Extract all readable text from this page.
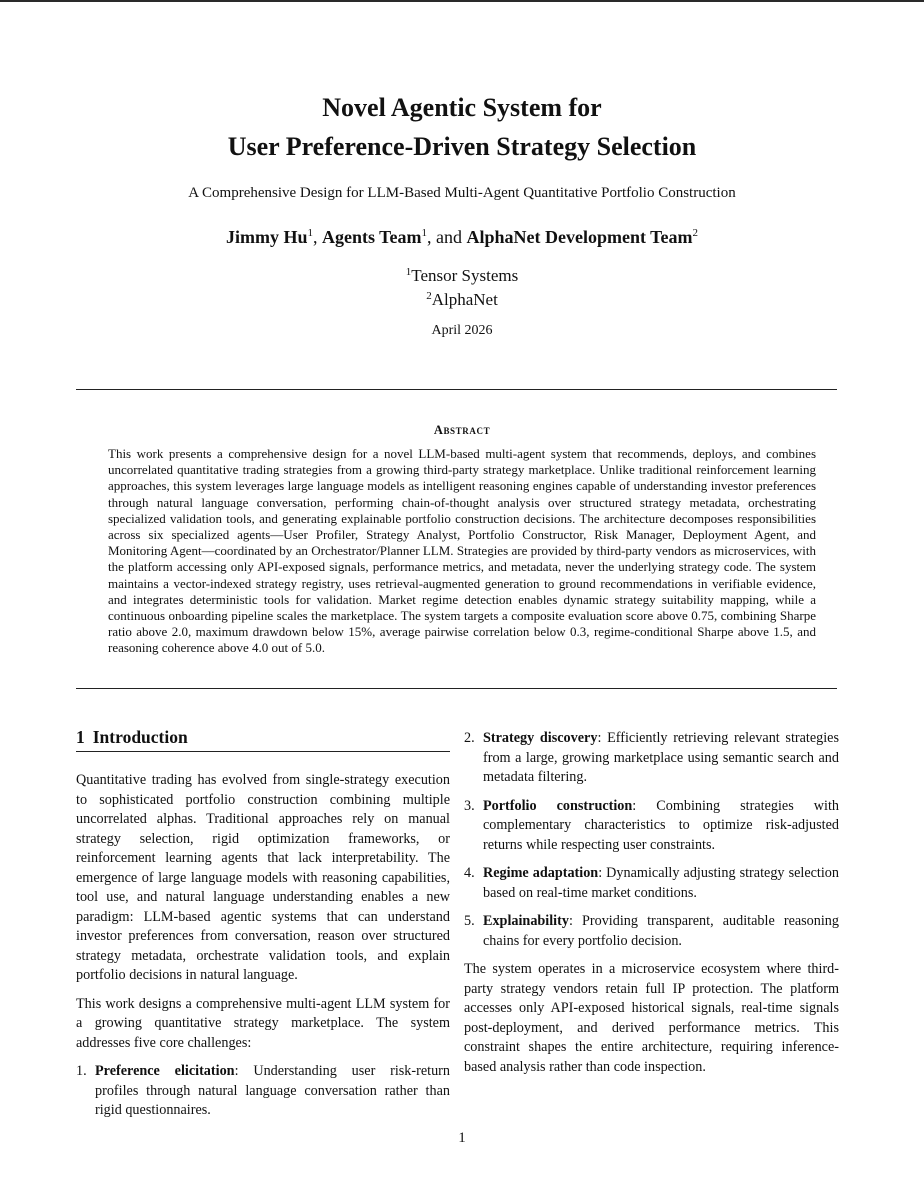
Novel Agentic System for
User Preference-Driven Strategy Selection
A Comprehensive Design for LLM-Based Multi-Agent Quantitative Portfolio Construction
Jimmy Hu$^1$, Agents Team$^1$, and AlphaNet Development Team$^2$
$^1$Tensor Systems
$^2$AlphaNet
April 2026
Abstract
This work presents a comprehensive design for a novel LLM-based multi-agent system that recommends, deploys, and combines uncorrelated quantitative trading strategies from a growing third-party strategy marketplace. Unlike traditional reinforcement learning approaches, this system leverages large language models as intelligent reasoning engines capable of understanding investor preferences through natural language conversation, performing chain-of-thought analysis over structured strategy metadata, orchestrating specialized validation tools, and generating explainable portfolio construction decisions. The architecture decomposes responsibilities across six specialized agents—User Profiler, Strategy Analyst, Portfolio Constructor, Risk Manager, Deployment Agent, and Monitoring Agent—coordinated by an Orchestrator/Planner LLM. Strategies are provided by third-party vendors as microservices, with the platform accessing only API-exposed signals, performance metrics, and metadata, never the underlying strategy code. The system maintains a vector-indexed strategy registry, uses retrieval-augmented generation to ground recommendations in verifiable evidence, and integrates deterministic tools for validation. Market regime detection enables dynamic strategy suitability mapping, while a continuous onboarding pipeline scales the marketplace. The system targets a composite evaluation score above 0.75, combining Sharpe ratio above 2.0, maximum drawdown below 15%, average pairwise correlation below 0.3, regime-conditional Sharpe above 1.5, and reasoning coherence above 4.0 out of 5.0.
1 Introduction

Quantitative trading has evolved from single-strategy execution to sophisticated portfolio construction combining multiple uncorrelated alphas. Traditional approaches rely on manual strategy selection, rigid optimization frameworks, or reinforcement learning agents that lack interpretability. The emergence of large language models with reasoning capabilities, tool use, and natural language understanding enables a new paradigm: LLM-based agentic systems that can understand investor preferences from conversation, reason over structured strategy metadata, orchestrate validation tools, and explain portfolio decisions in natural language.

This work designs a comprehensive multi-agent LLM system for a growing quantitative strategy marketplace. The system addresses five core challenges:

1. Preference elicitation: Understanding user risk-return profiles through natural language conversation rather than rigid questionnaires.
2. Strategy discovery: Efficiently retrieving relevant strategies from a large, growing marketplace using semantic search and metadata filtering.
3. Portfolio construction: Combining strategies with complementary characteristics to optimize risk-adjusted returns while respecting user constraints.
4. Regime adaptation: Dynamically adjusting strategy selection based on real-time market conditions.
5. Explainability: Providing transparent, auditable reasoning chains for every portfolio decision.

The system operates in a microservice ecosystem where third-party strategy vendors retain full IP protection. The platform accesses only API-exposed historical signals, real-time signals post-deployment, and derived performance metrics. This constraint shapes the entire architecture, requiring inference-based analysis rather than code inspection.

1
